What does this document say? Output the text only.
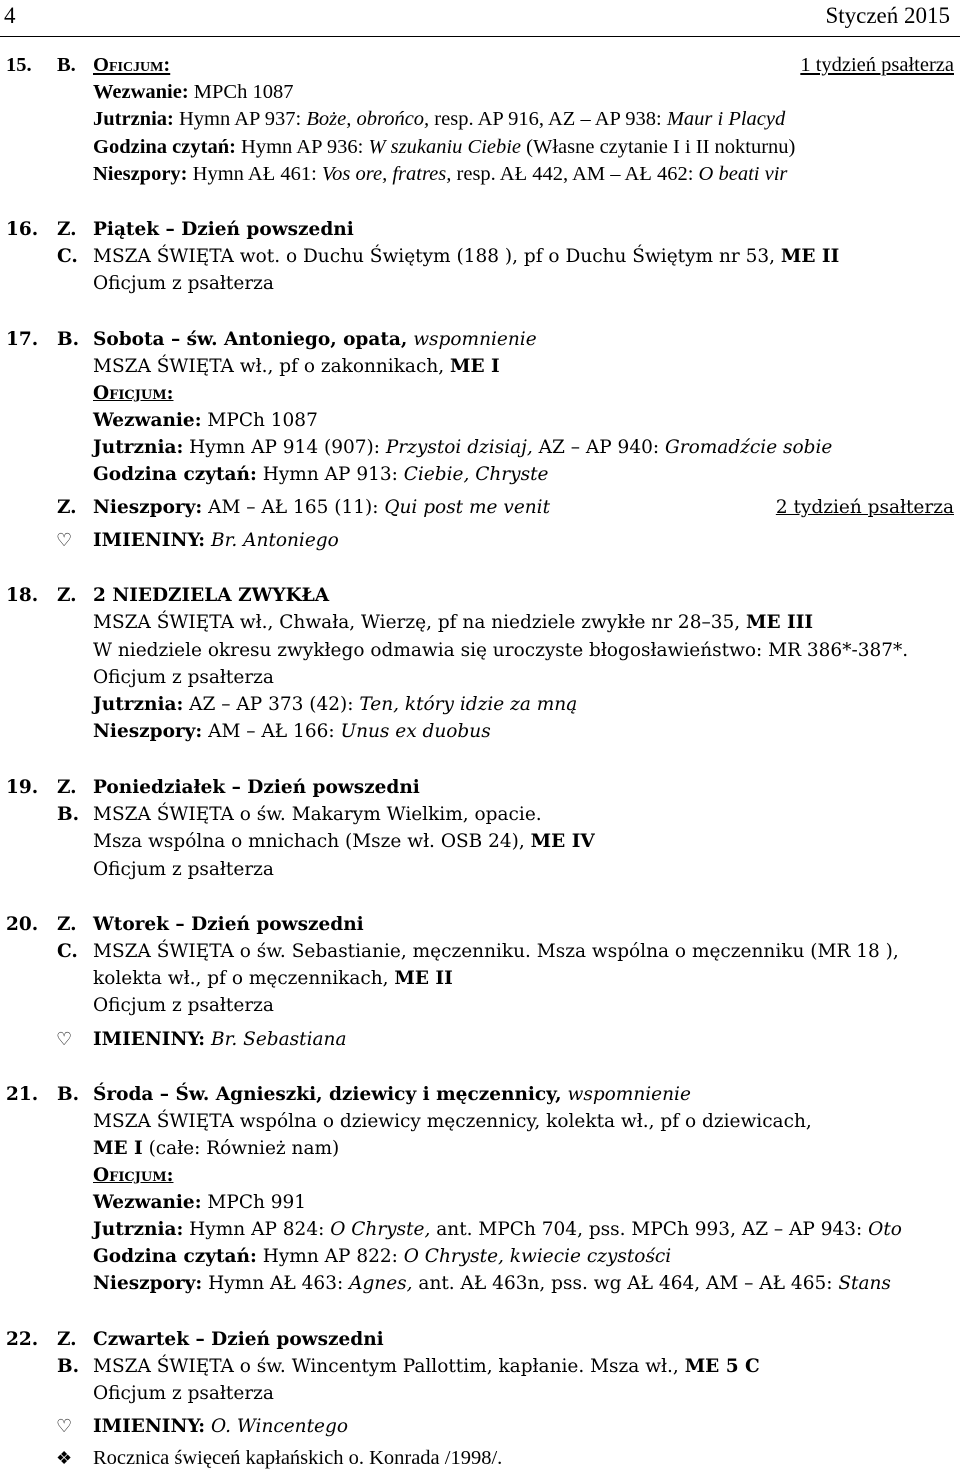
4	Styczeń 2015
15. B. Oficjum:	1 tydzień psałterza
Wezwanie: MPCh 1087
Jutrznia: Hymn AP 937: Boże, obrońco, resp. AP 916, AZ – AP 938: Maur i Placyd
Godzina czytań: Hymn AP 936: W szukaniu Ciebie (Własne czytanie I i II nokturnu)
Nieszpory: Hymn AŁ 461: Vos ore, fratres, resp. AŁ 442, AM – AŁ 462: O beati vir
16. Z. Piątek – Dzień powszedni
C. MSZA ŚWIĘTA wot. o Duchu Świętym (188 ), pf o Duchu Świętym nr 53, ME II
Oficjum z psałterza
17. B. Sobota – św. Antoniego, opata, wspomnienie
MSZA ŚWIĘTA wł., pf o zakonnikach, ME I
Oficjum:
Wezwanie: MPCh 1087
Jutrznia: Hymn AP 914 (907): Przystoi dzisiaj, AZ – AP 940: Gromadźcie sobie
Godzina czytań: Hymn AP 913: Ciebie, Chryste
Z. Nieszpory: AM – AŁ 165 (11): Qui post me venit	2 tydzień psałterza
♡ IMIENINY: Br. Antoniego
18. Z. 2 NIEDZIELA ZWYKŁA
MSZA ŚWIĘTA wł., Chwała, Wierzę, pf na niedziele zwykłe nr 28–35, ME III
W niedziele okresu zwykłego odmawia się uroczyste błogosławieństwo: MR 386*-387*.
Oficjum z psałterza
Jutrznia: AZ – AP 373 (42): Ten, który idzie za mną
Nieszpory: AM – AŁ 166: Unus ex duobus
19. Z. Poniedziałek – Dzień powszedni
B. MSZA ŚWIĘTA o św. Makarym Wielkim, opacie.
Msza wspólna o mnichach (Msze wł. OSB 24), ME IV
Oficjum z psałterza
20. Z. Wtorek – Dzień powszedni
C. MSZA ŚWIĘTA o św. Sebastianie, męczenniku. Msza wspólna o męczenniku (MR 18 ),
kolekta wł., pf o męczennikach, ME II
Oficjum z psałterza
♡ IMIENINY: Br. Sebastiana
21. B. Środa – Św. Agnieszki, dziewicy i męczennicy, wspomnienie
MSZA ŚWIĘTA wspólna o dziewicy męczennicy, kolekta wł., pf o dziewicach,
ME I (całe: Również nam)
Oficjum:
Wezwanie: MPCh 991
Jutrznia: Hymn AP 824: O Chryste, ant. MPCh 704, pss. MPCh 993, AZ – AP 943: Oto
Godzina czytań: Hymn AP 822: O Chryste, kwiecie czystości
Nieszpory: Hymn AŁ 463: Agnes, ant. AŁ 463n, pss. wg AŁ 464, AM – AŁ 465: Stans
22. Z. Czwartek – Dzień powszedni
B. MSZA ŚWIĘTA o św. Wincentym Pallottim, kapłanie. Msza wł., ME 5 C
Oficjum z psałterza
♡ IMIENINY: O. Wincentego
❖ Rocznica święceń kapłańskich o. Konrada /1998/.
